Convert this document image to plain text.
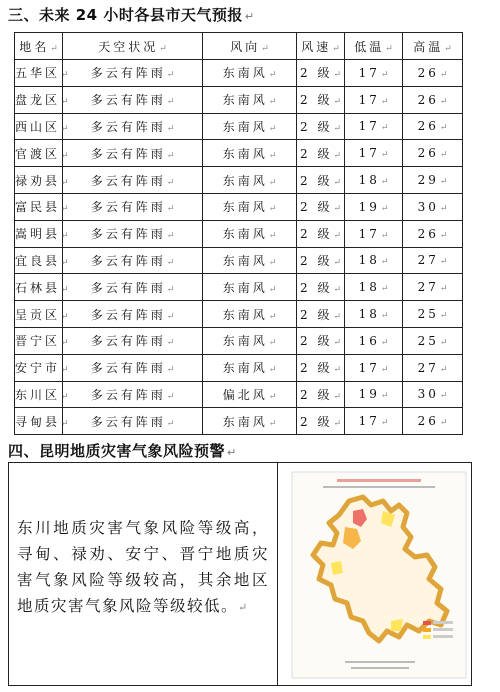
三、未来 24 小时各县市天气预报 ↵
地名↵	天空状况↵	风向↵	风速↵	低温↵	高温↵
五华区↵	多云有阵雨↵	东南风↵	2 级↵	17↵	26↵
盘龙区↵	多云有阵雨↵	东南风↵	2 级↵	17↵	26↵
西山区↵	多云有阵雨↵	东南风↵	2 级↵	17↵	26↵
官渡区↵	多云有阵雨↵	东南风↵	2 级↵	17↵	26↵
禄劝县↵	多云有阵雨↵	东南风↵	2 级↵	18↵	29↵
富民县↵	多云有阵雨↵	东南风↵	2 级↵	19↵	30↵
嵩明县↵	多云有阵雨↵	东南风↵	2 级↵	17↵	26↵
宜良县↵	多云有阵雨↵	东南风↵	2 级↵	18↵	27↵
石林县↵	多云有阵雨↵	东南风↵	2 级↵	18↵	27↵
呈贡区↵	多云有阵雨↵	东南风↵	2 级↵	18↵	25↵
晋宁区↵	多云有阵雨↵	东南风↵	2 级↵	16↵	25↵
安宁市↵	多云有阵雨↵	东南风↵	2 级↵	17↵	27↵
东川区↵	多云有阵雨↵	偏北风↵	2 级↵	19↵	30↵
寻甸县↵	多云有阵雨↵	东南风↵	2 级↵	17↵	26↵
四、昆明地质灾害气象风险预警 ↵
东川地质灾害气象风险等级高，寻甸、禄劝、安宁、晋宁地质灾害气象风险等级较高，其余地区地质灾害气象风险等级较低。↵
